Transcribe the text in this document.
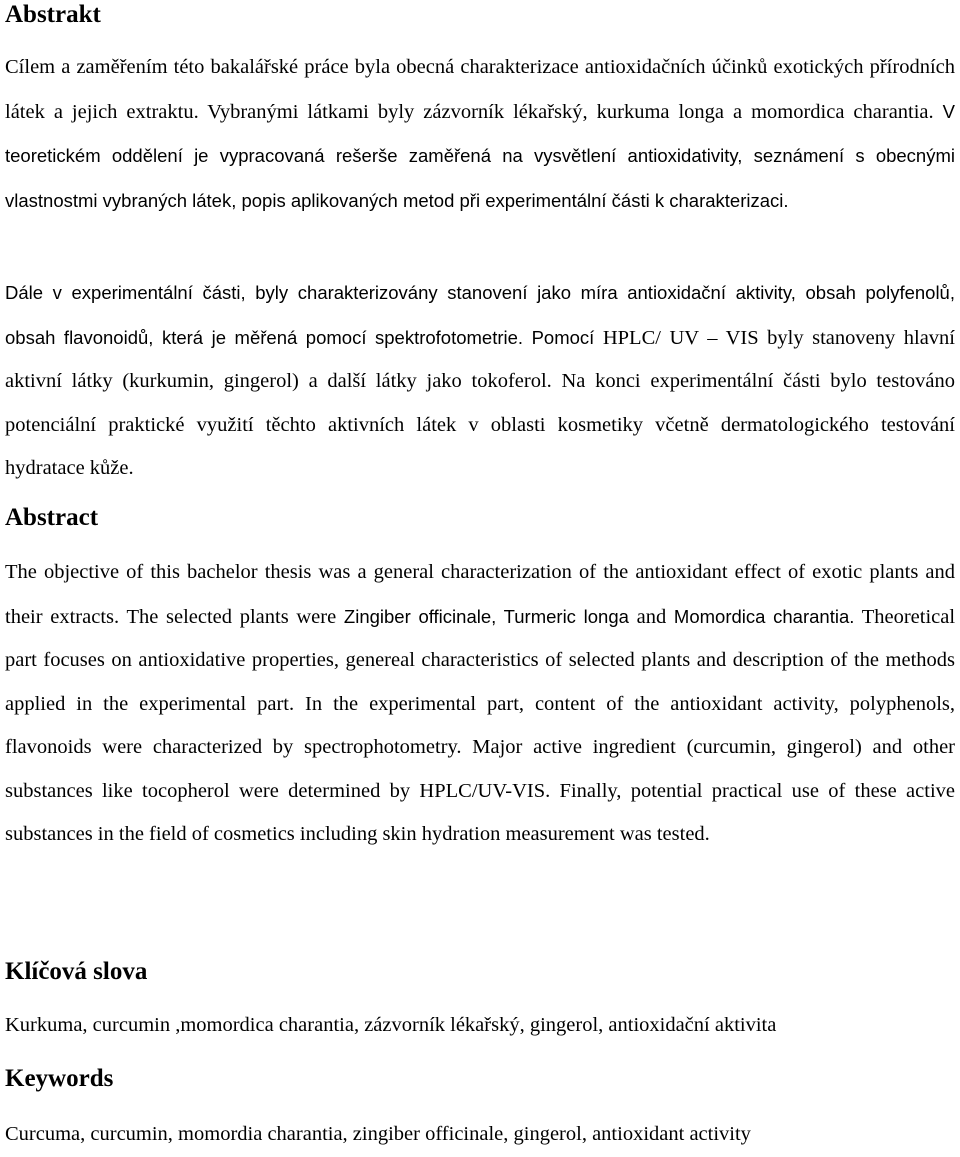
Abstrakt

Cílem a zaměřením této bakalářské práce byla obecná charakterizace antioxidačních účinků exotických přírodních látek a jejich extraktu. Vybranými látkami byly zázvorník lékařský, kurkuma longa a momordica charantia. V teoretickém oddělení je vypracovaná rešerše zaměřená na vysvětlení antioxidativity, seznámení s obecnými vlastnostmi vybraných látek, popis aplikovaných metod při experimentální části k charakterizaci.

Dále v experimentální části, byly charakterizovány stanovení jako míra antioxidační aktivity, obsah polyfenolů, obsah flavonoidů, která je měřená pomocí spektrofotometrie. Pomocí HPLC/ UV – VIS byly stanoveny hlavní aktivní látky (kurkumin, gingerol) a další látky jako tokoferol. Na konci experimentální části bylo testováno potenciální praktické využití těchto aktivních látek v oblasti kosmetiky včetně dermatologického testování hydratace kůže.

Abstract

The objective of this bachelor thesis was a general characterization of the antioxidant effect of exotic plants and their extracts. The selected plants were Zingiber officinale, Turmeric longa and Momordica charantia. Theoretical part focuses on antioxidative properties, genereal characteristics of selected plants and description of the methods applied in the experimental part. In the experimental part, content of the antioxidant activity, polyphenols, flavonoids were characterized by spectrophotometry. Major active ingredient (curcumin, gingerol) and other substances like tocopherol were determined by HPLC/UV-VIS. Finally, potential practical use of these active substances in the field of cosmetics including skin hydration measurement was tested.

Klíčová slova

Kurkuma, curcumin ,momordica charantia, zázvorník lékařský, gingerol, antioxidační aktivita

Keywords

Curcuma, curcumin, momordia charantia, zingiber officinale, gingerol, antioxidant activity
